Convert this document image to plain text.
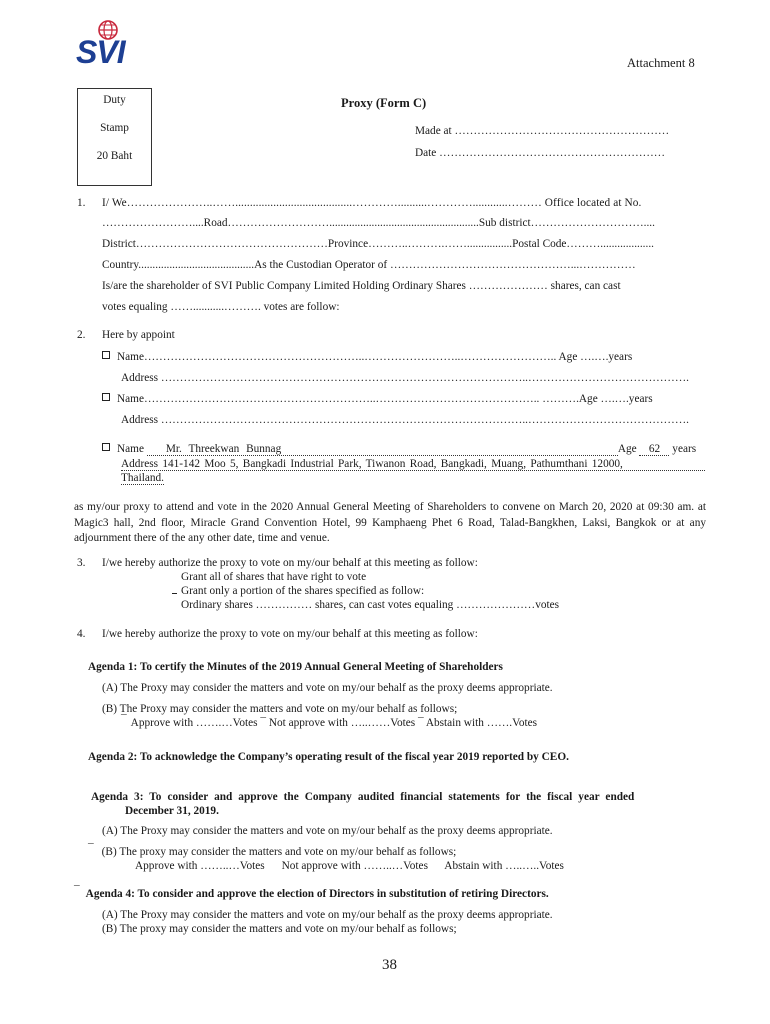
SVI	Attachment 8
Duty
Stamp
20 Baht
Proxy (Form C)
Made at …………………………………………………
Date ……………………………………………………
1. I/ We…………………..……........................................…………..........…………............……… Office located at No.
……………………....Road……………………….....................................................Sub district…………………………....
District……………………………………………Province………..……….……................Postal Code………...................
Country.........................................As the Custodian Operator of …………………………………………...……………
Is/are the shareholder of SVI Public Company Limited Holding Ordinary Shares ………………… shares, can cast
votes equaling ……...........………. votes are follow:
2. Here by appoint
Name…………………………………………………..……………………..…………………….. Age ….….years
Address ……………………………………………………………………………………..…………………………………….
Name……………………………………………………..…………………………………….. ……….Age ….….years
Address ……………………………………………………………………………………..…………………………………….
Name Mr. Threekwan Bunnag	Age 62 years
Address 141-142 Moo 5, Bangkadi Industrial Park, Tiwanon Road, Bangkadi, Muang, Pathumthani 12000,
Thailand.
as my/our proxy to attend and vote in the 2020 Annual General Meeting of Shareholders to convene on March 20, 2020 at 09:30 am. at Magic3 hall, 2nd floor, Miracle Grand Convention Hotel, 99 Kamphaeng Phet 6 Road, Talad-Bangkhen, Laksi, Bangkok or at any adjournment there of the any other date, time and venue.
3. I/we hereby authorize the proxy to vote on my/our behalf at this meeting as follow:
Grant all of shares that have right to vote
Grant only a portion of the shares specified as follow:
Ordinary shares …………… shares, can cast votes equaling …………………votes
4. I/we hereby authorize the proxy to vote on my/our behalf at this meeting as follow:
Agenda 1: To certify the Minutes of the 2019 Annual General Meeting of Shareholders
(A) The Proxy may consider the matters and vote on my/our behalf as the proxy deems appropriate.
(B) The Proxy may consider the matters and vote on my/our behalf as follows;
¯ Approve with …….…Votes ¯ Not approve with …..……Votes ¯ Abstain with …….Votes
Agenda 2: To acknowledge the Company’s operating result of the fiscal year 2019 reported by CEO.
Agenda 3: To consider and approve the Company audited financial statements for the fiscal year ended
December 31, 2019.
(A) The Proxy may consider the matters and vote on my/our behalf as the proxy deems appropriate.
¯ (B) The proxy may consider the matters and vote on my/our behalf as follows;
Approve with ……..…Votes      Not approve with ……..…Votes      Abstain with …..…..Votes
¯ Agenda 4: To consider and approve the election of Directors in substitution of retiring Directors.
(A) The Proxy may consider the matters and vote on my/our behalf as the proxy deems appropriate.
(B) The proxy may consider the matters and vote on my/our behalf as follows;
38
